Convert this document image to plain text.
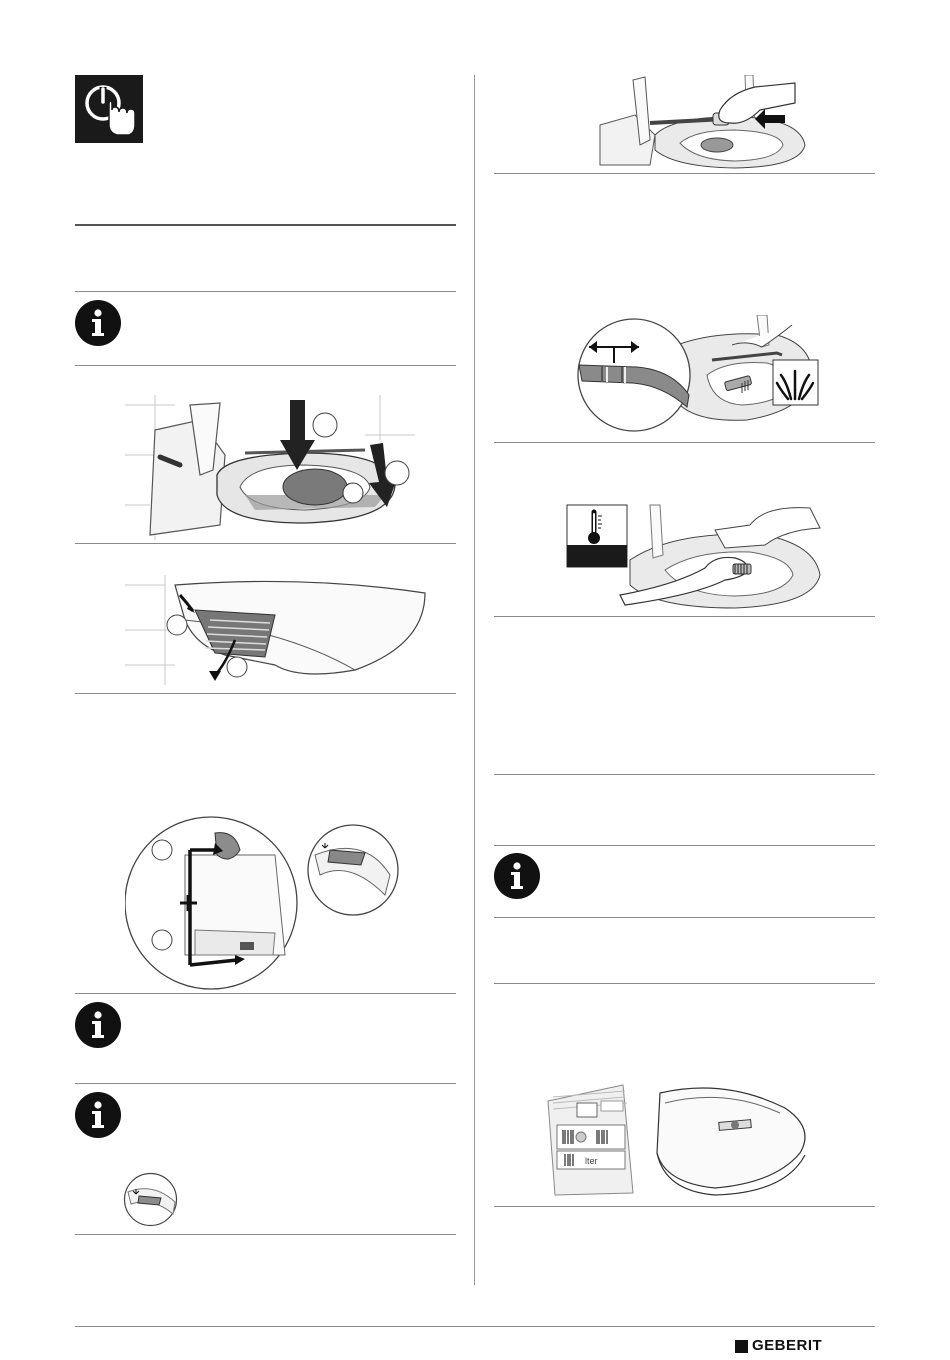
lter
GEBERIT
